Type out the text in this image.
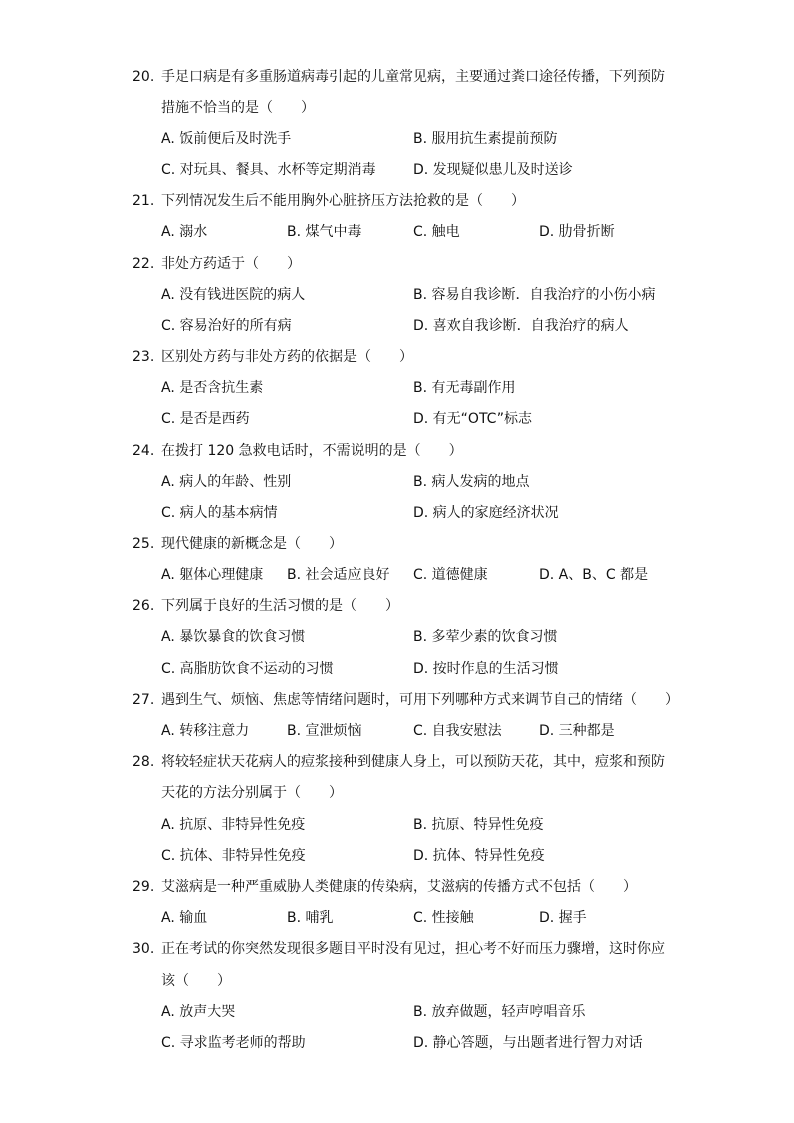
20. 手足口病是有多重肠道病毒引起的儿童常见病，主要通过粪口途径传播，下列预防
措施不恰当的是（　　）
A. 饭前便后及时洗手	B. 服用抗生素提前预防
C. 对玩具、餐具、水杯等定期消毒	D. 发现疑似患儿及时送诊
21. 下列情况发生后不能用胸外心脏挤压方法抢救的是（　　）
A. 溺水	B. 煤气中毒	C. 触电	D. 肋骨折断
22. 非处方药适于（　　）
A. 没有钱进医院的病人	B. 容易自我诊断．自我治疗的小伤小病
C. 容易治好的所有病	D. 喜欢自我诊断．自我治疗的病人
23. 区别处方药与非处方药的依据是（　　）
A. 是否含抗生素	B. 有无毒副作用
C. 是否是西药	D. 有无“OTC”标志
24. 在拨打 120 急救电话时，不需说明的是（　　）
A. 病人的年龄、性别	B. 病人发病的地点
C. 病人的基本病情	D. 病人的家庭经济状况
25. 现代健康的新概念是（　　）
A. 躯体心理健康 B. 社会适应良好 C. 道德健康	D. A、B、C 都是
26. 下列属于良好的生活习惯的是（　　）
A. 暴饮暴食的饮食习惯	B. 多荤少素的饮食习惯
C. 高脂肪饮食不运动的习惯	D. 按时作息的生活习惯
27. 遇到生气、烦恼、焦虑等情绪问题时，可用下列哪种方式来调节自己的情绪（　　）
A. 转移注意力	B. 宣泄烦恼	C. 自我安慰法	D. 三种都是
28. 将较轻症状天花病人的痘浆接种到健康人身上，可以预防天花，其中，痘浆和预防
天花的方法分别属于（　　）
A. 抗原、非特异性免疫	B. 抗原、特异性免疫
C. 抗体、非特异性免疫	D. 抗体、特异性免疫
29. 艾滋病是一种严重威胁人类健康的传染病，艾滋病的传播方式不包括（　　）
A. 输血	B. 哺乳	C. 性接触	D. 握手
30. 正在考试的你突然发现很多题目平时没有见过，担心考不好而压力骤增，这时你应
该（　　）
A. 放声大哭	B. 放弃做题，轻声哼唱音乐
C. 寻求监考老师的帮助	D. 静心答题，与出题者进行智力对话
